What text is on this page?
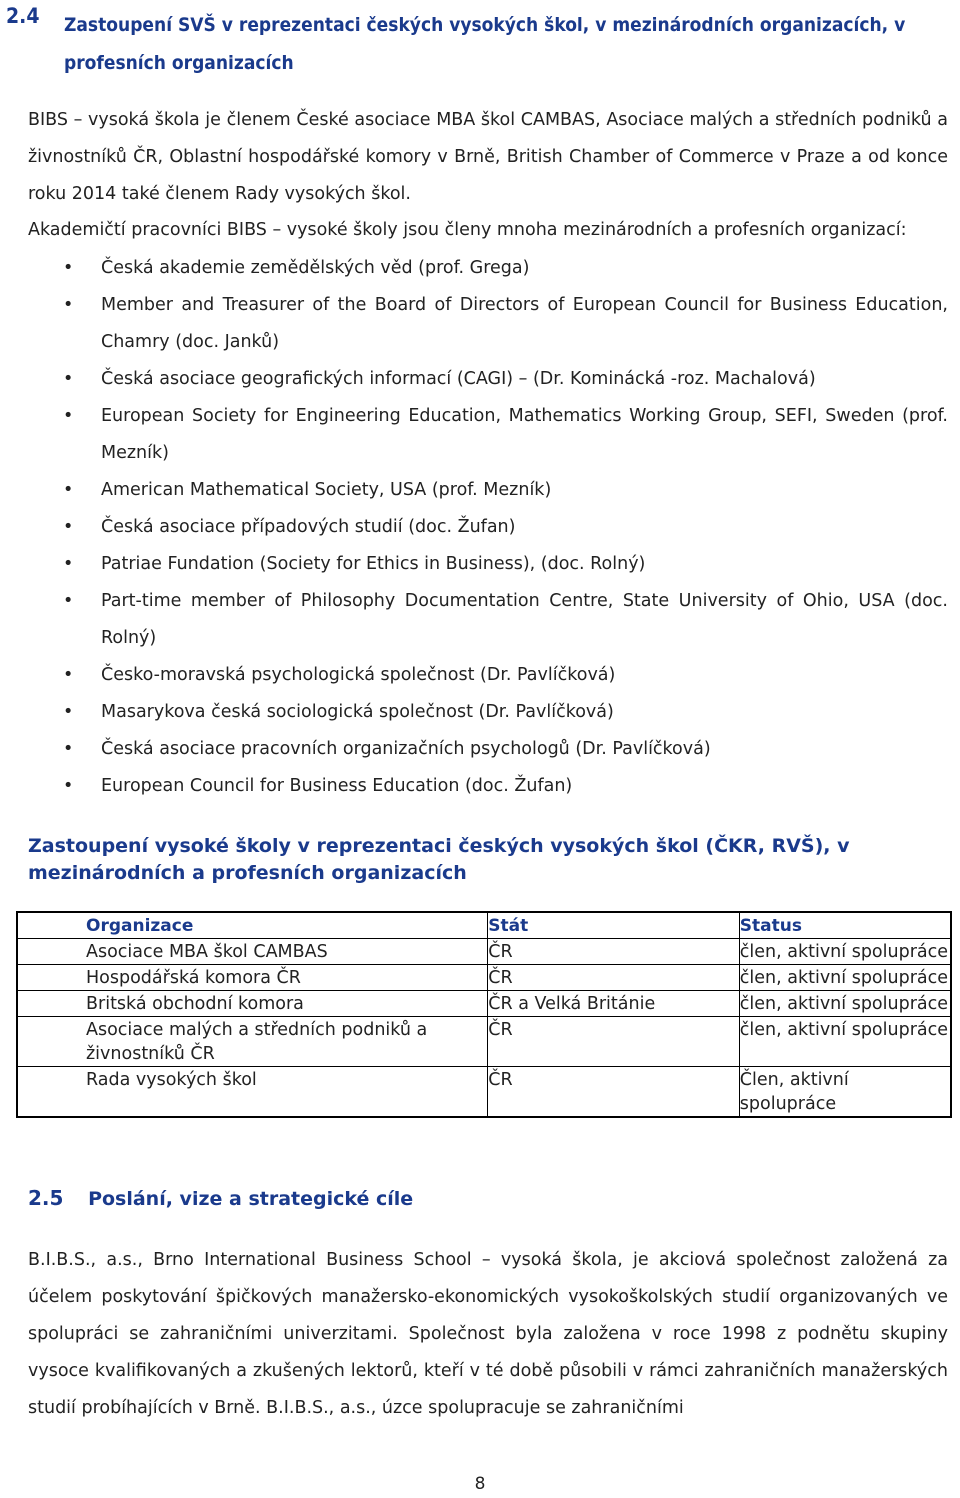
2.4 Zastoupení SVŠ v reprezentaci českých vysokých škol, v mezinárodních organizacích, v profesních organizacích

BIBS – vysoká škola je členem České asociace MBA škol CAMBAS, Asociace malých a středních podniků a živnostníků ČR, Oblastní hospodářské komory v Brně, British Chamber of Commerce v Praze a od konce roku 2014 také členem Rady vysokých škol.

Akademičtí pracovníci BIBS – vysoké školy jsou členy mnoha mezinárodních a profesních organizací:

• Česká akademie zemědělských věd (prof. Grega)
• Member and Treasurer of the Board of Directors of European Council for Business Education, Chamry (doc. Janků)
• Česká asociace geografických informací (CAGI) – (Dr. Kominácká -roz. Machalová)
• European Society for Engineering Education, Mathematics Working Group, SEFI, Sweden (prof. Mezník)
• American Mathematical Society, USA (prof. Mezník)
• Česká asociace případových studií (doc. Žufan)
• Patriae Fundation (Society for Ethics in Business), (doc. Rolný)
• Part-time member of Philosophy Documentation Centre, State University of Ohio, USA (doc. Rolný)
• Česko-moravská psychologická společnost (Dr. Pavlíčková)
• Masarykova česká sociologická společnost (Dr. Pavlíčková)
• Česká asociace pracovních organizačních psychologů (Dr. Pavlíčková)
• European Council for Business Education (doc. Žufan)
Zastoupení vysoké školy v reprezentaci českých vysokých škol (ČKR, RVŠ), v mezinárodních a profesních organizacích
Organizace	Stát	Status
Asociace MBA škol CAMBAS	ČR	člen, aktivní spolupráce
Hospodářská komora ČR	ČR	člen, aktivní spolupráce
Britská obchodní komora	ČR a Velká Británie	člen, aktivní spolupráce
Asociace malých a středních podniků a živnostníků ČR	ČR	člen, aktivní spolupráce
Rada vysokých škol	ČR	Člen, aktivní spolupráce
2.5 Poslání, vize a strategické cíle

B.I.B.S., a.s., Brno International Business School – vysoká škola, je akciová společnost založená za účelem poskytování špičkových manažersko-ekonomických vysokoškolských studií organizovaných ve spolupráci se zahraničními univerzitami. Společnost byla založena v roce 1998 z podnětu skupiny vysoce kvalifikovaných a zkušených lektorů, kteří v té době působili v rámci zahraničních manažerských studií probíhajících v Brně. B.I.B.S., a.s., úzce spolupracuje se zahraničními

8
